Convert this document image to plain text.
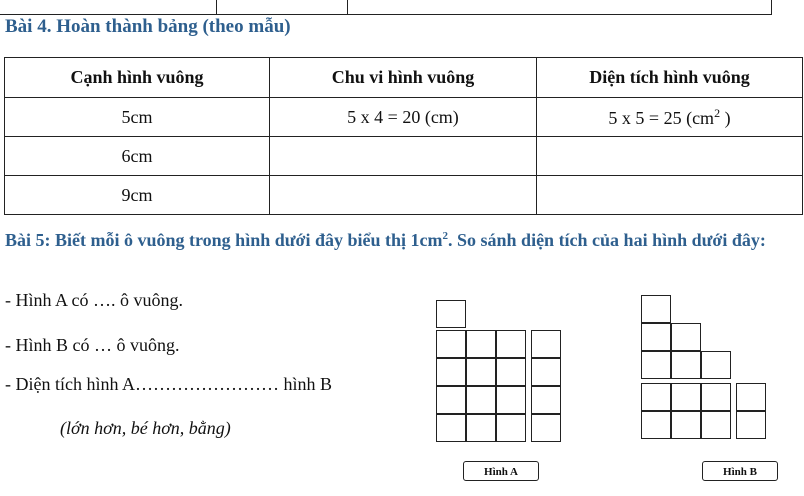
Bài 4. Hoàn thành bảng (theo mẫu)
Cạnh hình vuông	Chu vi hình vuông	Diện tích hình vuông
5cm	5 x 4 = 20 (cm)	5 x 5 = 25 ($cm^2$ )
6cm		
9cm		
Bài 5: Biết mỗi ô vuông trong hình dưới đây biểu thị $1cm^2$. So sánh diện tích của hai hình dưới đây:
- Hình A có …. ô vuông.
- Hình B có … ô vuông.
- Diện tích hình A…………………… hình B
(lớn hơn, bé hơn, bằng)
Hình A	Hình B
